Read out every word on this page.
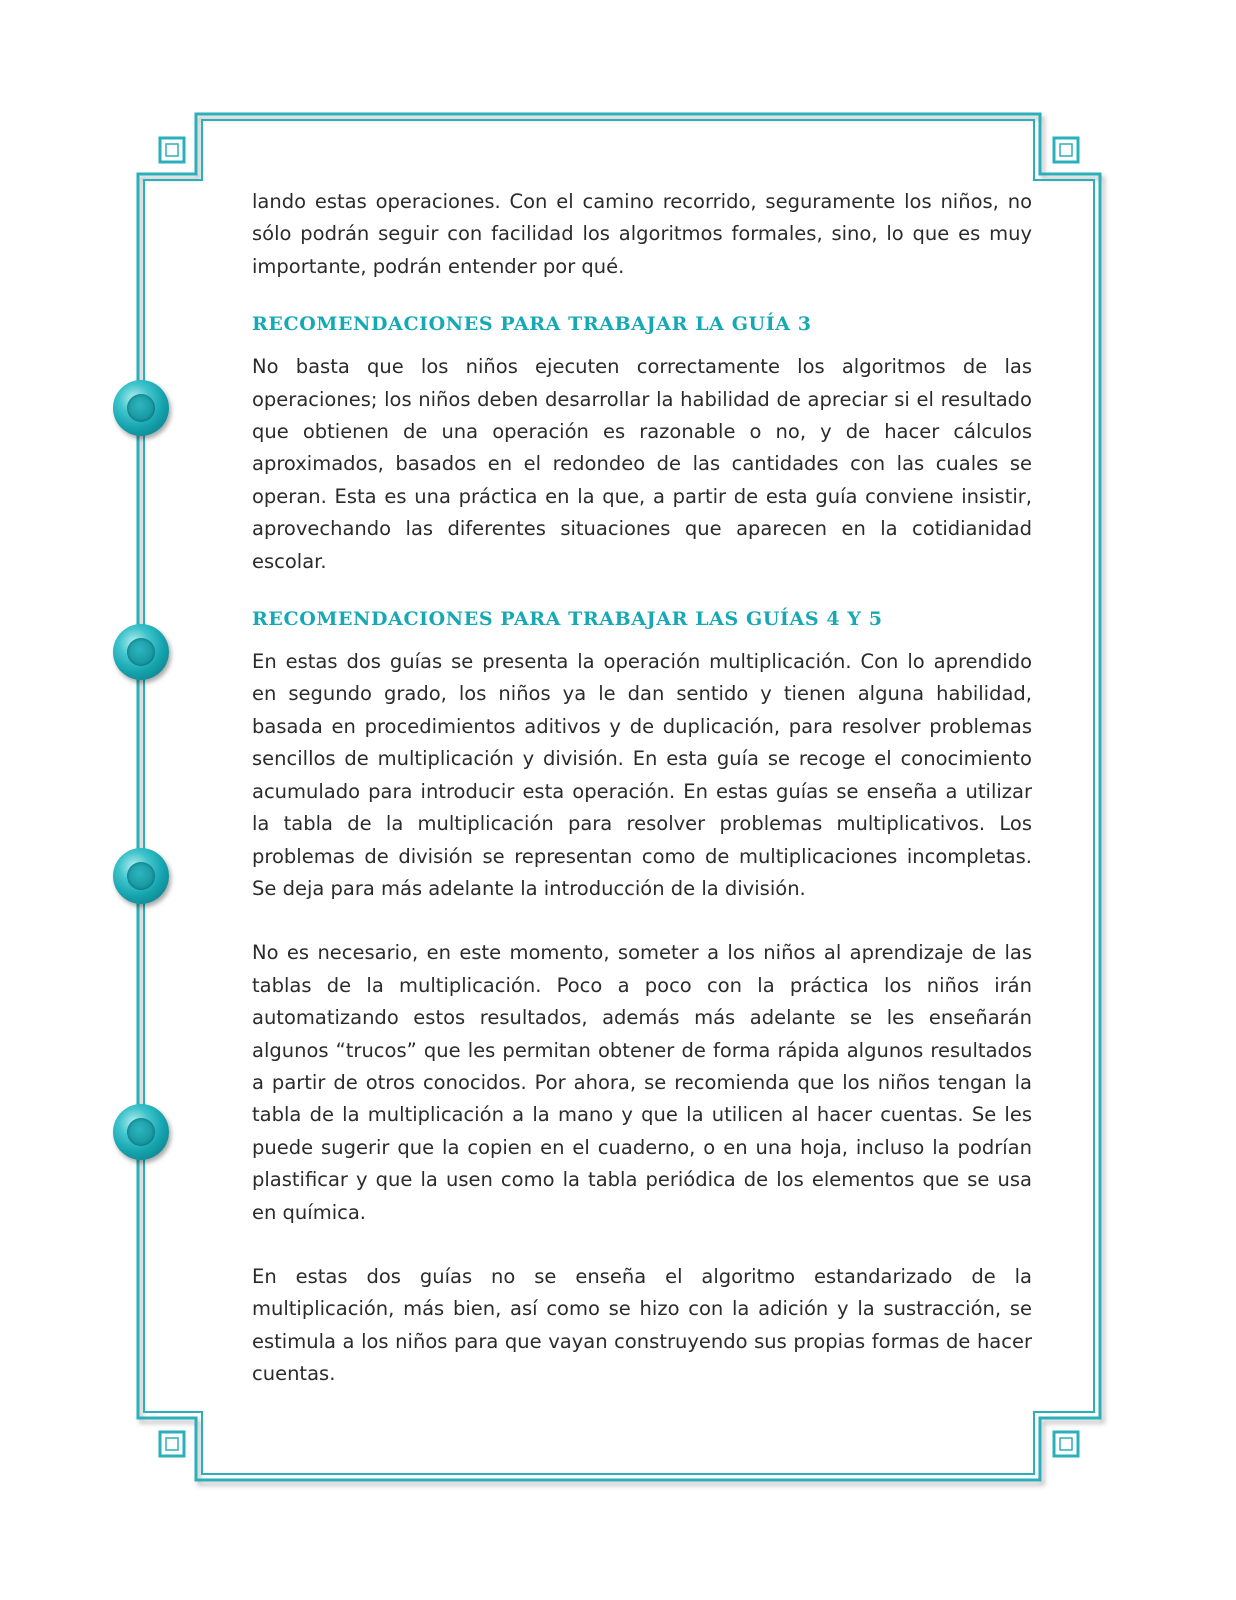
lando estas operaciones. Con el camino recorrido, seguramente los niños, no sólo podrán seguir con facilidad los algoritmos formales, sino, lo que es muy importante, podrán entender por qué.

RECOMENDACIONES PARA TRABAJAR LA GUÍA 3

No basta que los niños ejecuten correctamente los algoritmos de las operaciones; los niños deben desarrollar la habilidad de apreciar si el resultado que obtienen de una operación es razonable o no, y de hacer cálculos aproximados, basados en el redondeo de las cantidades con las cuales se operan. Esta es una práctica en la que, a partir de esta guía conviene insistir, aprovechando las diferentes situaciones que aparecen en la cotidianidad escolar.

RECOMENDACIONES PARA TRABAJAR LAS GUÍAS 4 Y 5

En estas dos guías se presenta la operación multiplicación. Con lo aprendido en segundo grado, los niños ya le dan sentido y tienen alguna habilidad, basada en procedimientos aditivos y de duplicación, para resolver problemas sencillos de multiplicación y división. En esta guía se recoge el conocimiento acumulado para introducir esta operación. En estas guías se enseña a utilizar la tabla de la multiplicación para resolver problemas multiplicativos. Los problemas de división se representan como de multiplicaciones incompletas. Se deja para más adelante la introducción de la división.

No es necesario, en este momento, someter a los niños al aprendizaje de las tablas de la multiplicación. Poco a poco con la práctica los niños irán automatizando estos resultados, además más adelante se les enseñarán algunos “trucos” que les permitan obtener de forma rápida algunos resultados a partir de otros conocidos. Por ahora, se recomienda que los niños tengan la tabla de la multiplicación a la mano y que la utilicen al hacer cuentas. Se les puede sugerir que la copien en el cuaderno, o en una hoja, incluso la podrían plastificar y que la usen como la tabla periódica de los elementos que se usa en química.

En estas dos guías no se enseña el algoritmo estandarizado de la multiplicación, más bien, así como se hizo con la adición y la sustracción, se estimula a los niños para que vayan construyendo sus propias formas de hacer cuentas.
